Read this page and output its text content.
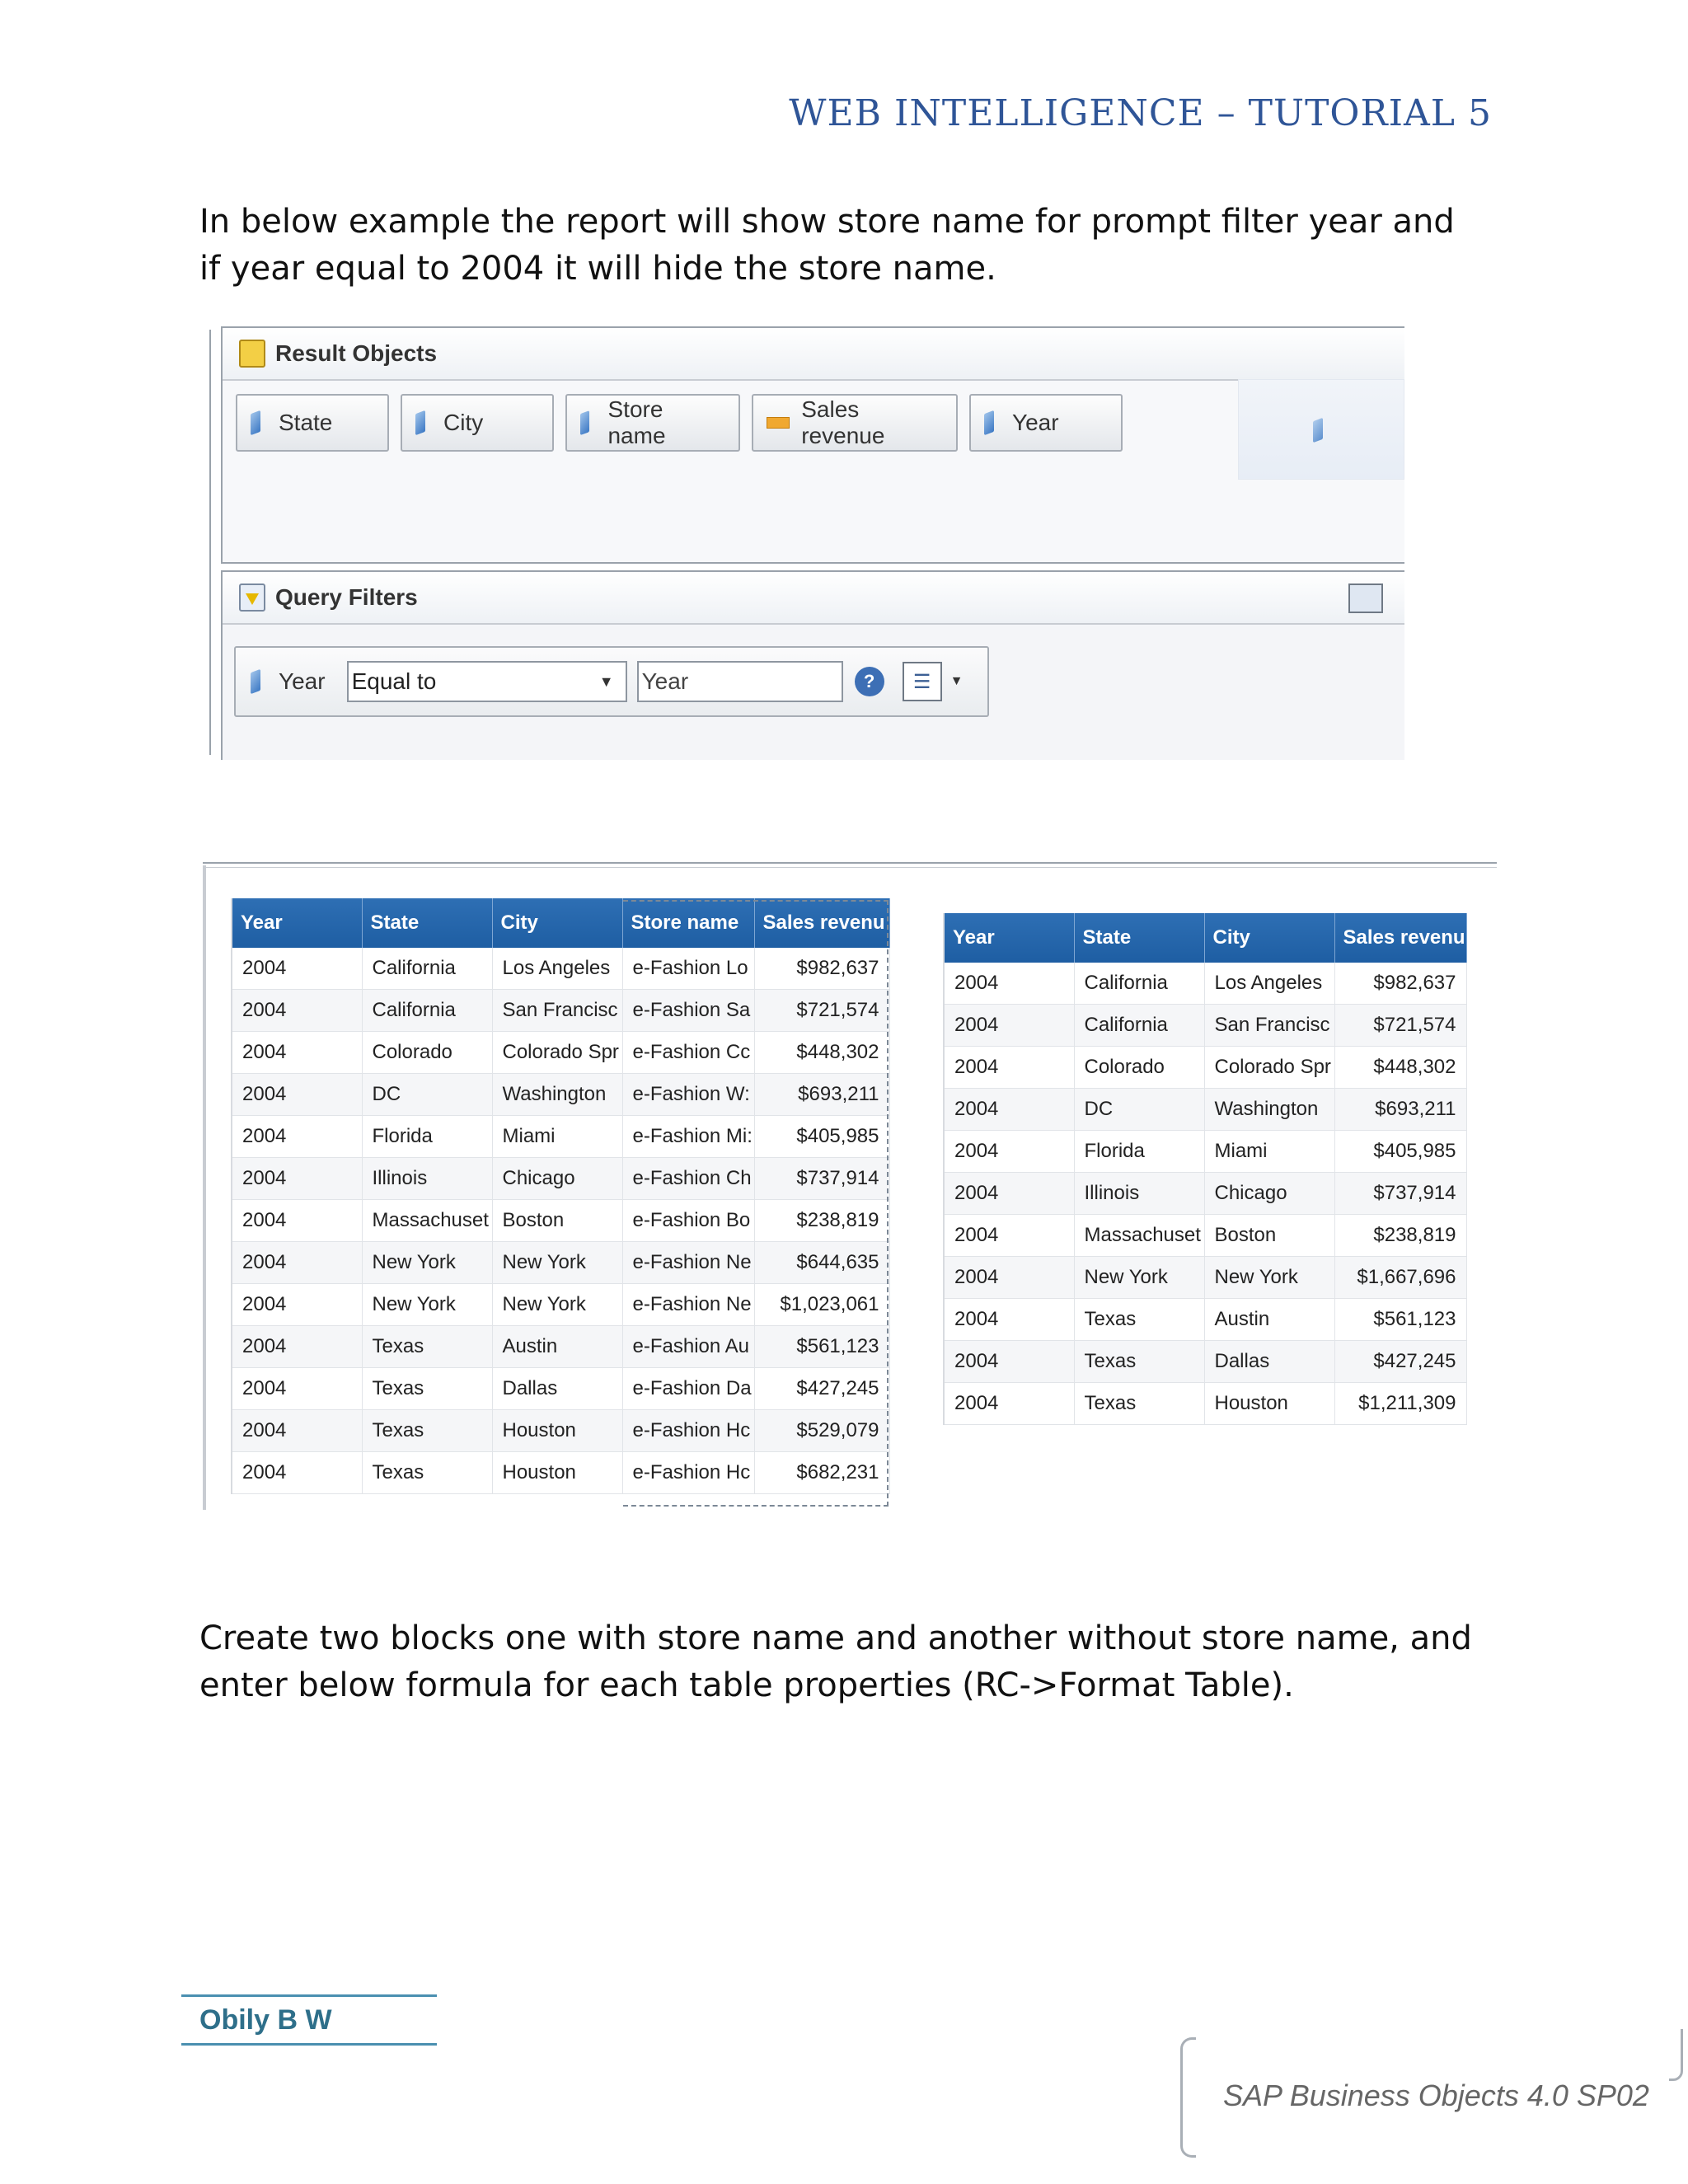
WEB INTELLIGENCE – TUTORIAL 5
In below example the report will show store name for prompt filter year and if year equal to 2004 it will hide the store name.
Result Objects
State	City
Store name
Sales revenue
Year
Query Filters
Year Equal to	▼ Year	?	☰	▼
Year	State	City	Store name	Sales revenu
2004	California	Los Angeles	e-Fashion Lo	$982,637
2004	California	San Francisc	e-Fashion Sa	$721,574
2004	Colorado	Colorado Spr	e-Fashion Cc	$448,302
2004	DC	Washington	e-Fashion W:	$693,211
2004	Florida	Miami	e-Fashion Mi:	$405,985
2004	Illinois	Chicago	e-Fashion Ch	$737,914
2004	Massachuset	Boston	e-Fashion Bo	$238,819
2004	New York	New York	e-Fashion Ne	$644,635
2004	New York	New York	e-Fashion Ne	$1,023,061
2004	Texas	Austin	e-Fashion Au	$561,123
2004	Texas	Dallas	e-Fashion Da	$427,245
2004	Texas	Houston	e-Fashion Hc	$529,079
2004	Texas	Houston	e-Fashion Hc	$682,231
Year	State	City	Sales revenu
2004	California	Los Angeles	$982,637
2004	California	San Francisc	$721,574
2004	Colorado	Colorado Spr	$448,302
2004	DC	Washington	$693,211
2004	Florida	Miami	$405,985
2004	Illinois	Chicago	$737,914
2004	Massachuset	Boston	$238,819
2004	New York	New York	$1,667,696
2004	Texas	Austin	$561,123
2004	Texas	Dallas	$427,245
2004	Texas	Houston	$1,211,309
Create two blocks one with store name and another without store name, and enter below formula for each table properties (RC->Format Table).
Obily B W
SAP Business Objects 4.0 SP02
